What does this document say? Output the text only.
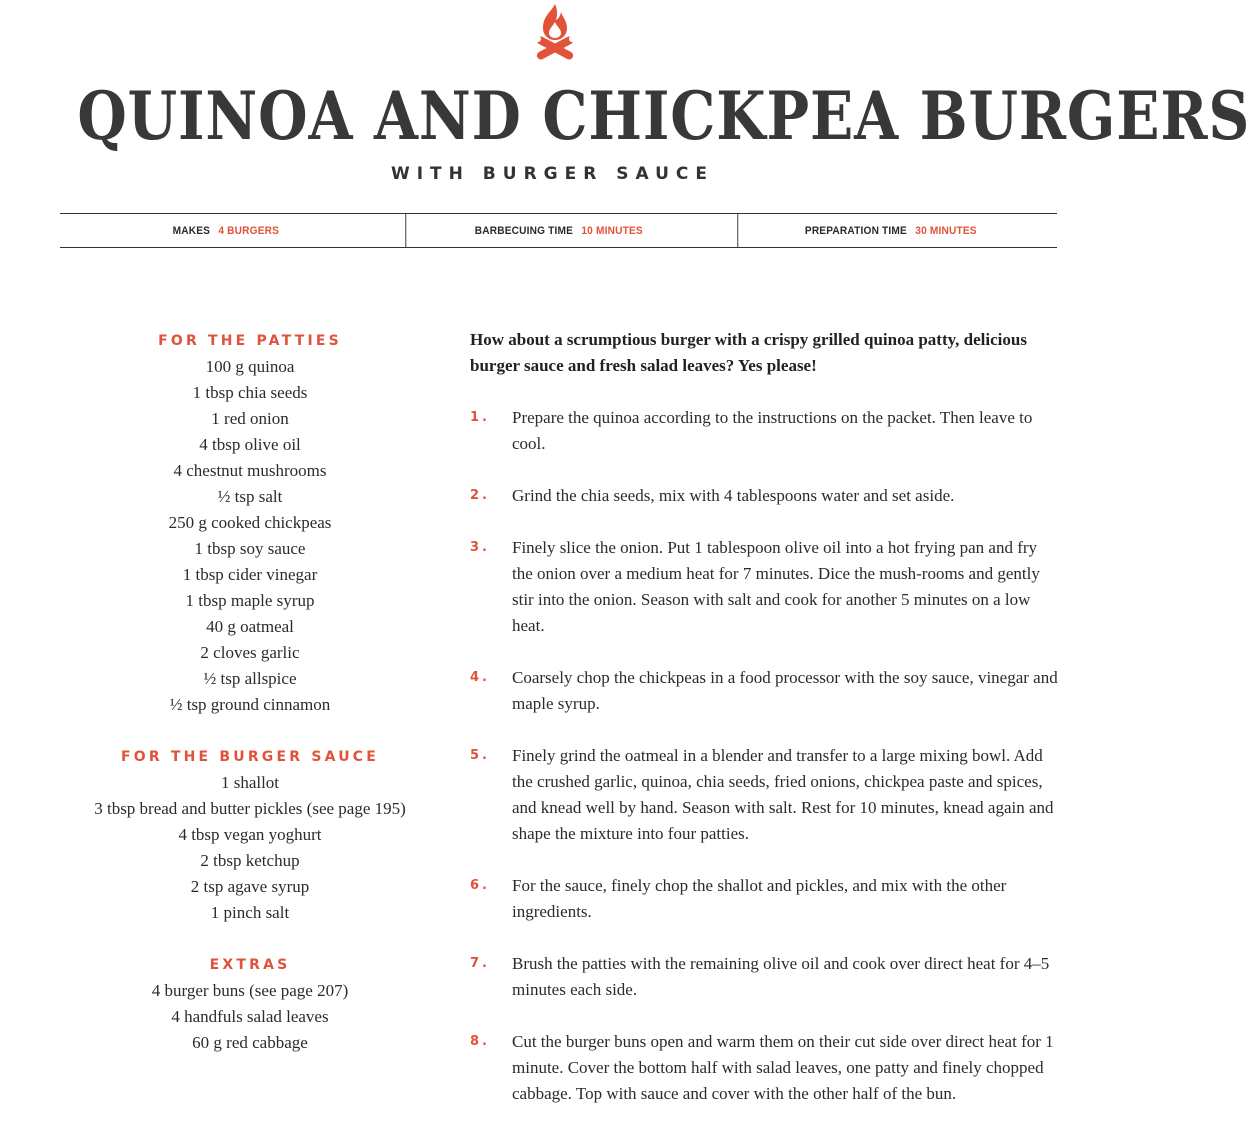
QUINOA AND CHICKPEA BURGERS
WITH BURGER SAUCE
MAKES 4 BURGERS	BARBECUING TIME 10 MINUTES	PREPARATION TIME 30 MINUTES
FOR THE PATTIES
100 g quinoa
1 tbsp chia seeds
1 red onion
4 tbsp olive oil
4 chestnut mushrooms
½ tsp salt
250 g cooked chickpeas
1 tbsp soy sauce
1 tbsp cider vinegar
1 tbsp maple syrup
40 g oatmeal
2 cloves garlic
½ tsp allspice
½ tsp ground cinnamon
FOR THE BURGER SAUCE
1 shallot
3 tbsp bread and butter pickles (see page 195)
4 tbsp vegan yoghurt
2 tbsp ketchup
2 tsp agave syrup
1 pinch salt
EXTRAS
4 burger buns (see page 207)
4 handfuls salad leaves
60 g red cabbage

How about a scrumptious burger with a crispy grilled quinoa patty, delicious burger sauce and fresh salad leaves? Yes please!

1. Prepare the quinoa according to the instructions on the packet. Then leave to cool.

2. Grind the chia seeds, mix with 4 tablespoons water and set aside.

3. Finely slice the onion. Put 1 tablespoon olive oil into a hot frying pan and fry the onion over a medium heat for 7 minutes. Dice the mush-rooms and gently stir into the onion. Season with salt and cook for another 5 minutes on a low heat.

4. Coarsely chop the chickpeas in a food processor with the soy sauce, vinegar and maple syrup.

5. Finely grind the oatmeal in a blender and transfer to a large mixing bowl. Add the crushed garlic, quinoa, chia seeds, fried onions, chickpea paste and spices, and knead well by hand. Season with salt. Rest for 10 minutes, knead again and shape the mixture into four patties.

6. For the sauce, finely chop the shallot and pickles, and mix with the other ingredients.

7. Brush the patties with the remaining olive oil and cook over direct heat for 4–5 minutes each side.

8. Cut the burger buns open and warm them on their cut side over direct heat for 1 minute. Cover the bottom half with salad leaves, one patty and finely chopped cabbage. Top with sauce and cover with the other half of the bun.
